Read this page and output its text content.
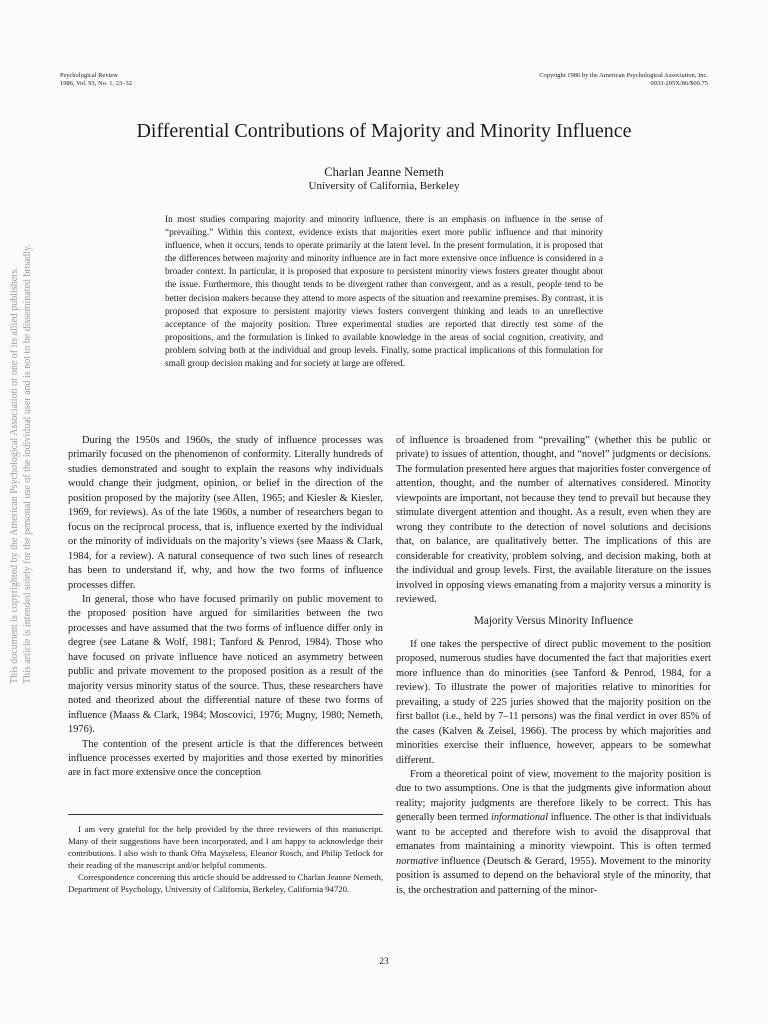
Psychological Review
1986, Vol. 93, No. 1, 23–32
Copyright 1986 by the American Psychological Association, Inc.
0033-295X/86/$00.75
Differential Contributions of Majority and Minority Influence
Charlan Jeanne Nemeth
University of California, Berkeley

In most studies comparing majority and minority influence, there is an emphasis on influence in the sense of “prevailing.” Within this context, evidence exists that majorities exert more public influence and that minority influence, when it occurs, tends to operate primarily at the latent level. In the present formulation, it is proposed that the differences between majority and minority influence are in fact more extensive once influence is considered in a broader context. In particular, it is proposed that exposure to persistent minority views fosters greater thought about the issue. Furthermore, this thought tends to be divergent rather than convergent, and as a result, people tend to be better decision makers because they attend to more aspects of the situation and reexamine premises. By contrast, it is proposed that exposure to persistent majority views fosters convergent thinking and leads to an unreflective acceptance of the majority position. Three experimental studies are reported that directly test some of the propositions, and the formulation is linked to available knowledge in the areas of social cognition, creativity, and problem solving both at the individual and group levels. Finally, some practical implications of this formulation for small group decision making and for society at large are offered.

During the 1950s and 1960s, the study of influence processes was primarily focused on the phenomenon of conformity. Literally hundreds of studies demonstrated and sought to explain the reasons why individuals would change their judgment, opinion, or belief in the direction of the position proposed by the majority (see Allen, 1965; and Kiesler & Kiesler, 1969, for reviews). As of the late 1960s, a number of researchers began to focus on the reciprocal process, that is, influence exerted by the individual or the minority of individuals on the majority’s views (see Maass & Clark, 1984, for a review). A natural consequence of two such lines of research has been to understand if, why, and how the two forms of influence processes differ.

In general, those who have focused primarily on public movement to the proposed position have argued for similarities between the two processes and have assumed that the two forms of influence differ only in degree (see Latane & Wolf, 1981; Tanford & Penrod, 1984). Those who have focused on private influence have noticed an asymmetry between public and private movement to the proposed position as a result of the majority versus minority status of the source. Thus, these researchers have noted and theorized about the differential nature of these two forms of influence (Maass & Clark, 1984; Moscovici, 1976; Mugny, 1980; Nemeth, 1976).

The contention of the present article is that the differences between influence processes exerted by majorities and those exerted by minorities are in fact more extensive once the conception

I am very grateful for the help provided by the three reviewers of this manuscript. Many of their suggestions have been incorporated, and I am happy to acknowledge their contributions. I also wish to thank Ofra Mayseless, Eleanor Rosch, and Philip Tetlock for their reading of the manuscript and/or helpful comments.

Correspondence concerning this article should be addressed to Charlan Jeanne Nemeth, Department of Psychology, University of California, Berkeley, California 94720.

of influence is broadened from “prevailing” (whether this be public or private) to issues of attention, thought, and “novel” judgments or decisions. The formulation presented here argues that majorities foster convergence of attention, thought, and the number of alternatives considered. Minority viewpoints are important, not because they tend to prevail but because they stimulate divergent attention and thought. As a result, even when they are wrong they contribute to the detection of novel solutions and decisions that, on balance, are qualitatively better. The implications of this are considerable for creativity, problem solving, and decision making, both at the individual and group levels. First, the available literature on the issues involved in opposing views emanating from a majority versus a minority is reviewed.

Majority Versus Minority Influence

If one takes the perspective of direct public movement to the position proposed, numerous studies have documented the fact that majorities exert more influence than do minorities (see Tanford & Penrod, 1984, for a review). To illustrate the power of majorities relative to minorities for prevailing, a study of 225 juries showed that the majority position on the first ballot (i.e., held by 7–11 persons) was the final verdict in over 85% of the cases (Kalven & Zeisel, 1966). The process by which majorities and minorities exercise their influence, however, appears to be somewhat different.

From a theoretical point of view, movement to the majority position is due to two assumptions. One is that the judgments give information about reality; majority judgments are therefore likely to be correct. This has generally been termed informational influence. The other is that individuals want to be accepted and therefore wish to avoid the disapproval that emanates from maintaining a minority viewpoint. This is often termed normative influence (Deutsch & Gerard, 1955). Movement to the minority position is assumed to depend on the behavioral style of the minority, that is, the orchestration and patterning of the minor-

23
This document is copyrighted by the American Psychological Association or one of its allied publishers. This article is intended solely for the personal use of the individual user and is not to be disseminated broadly.
